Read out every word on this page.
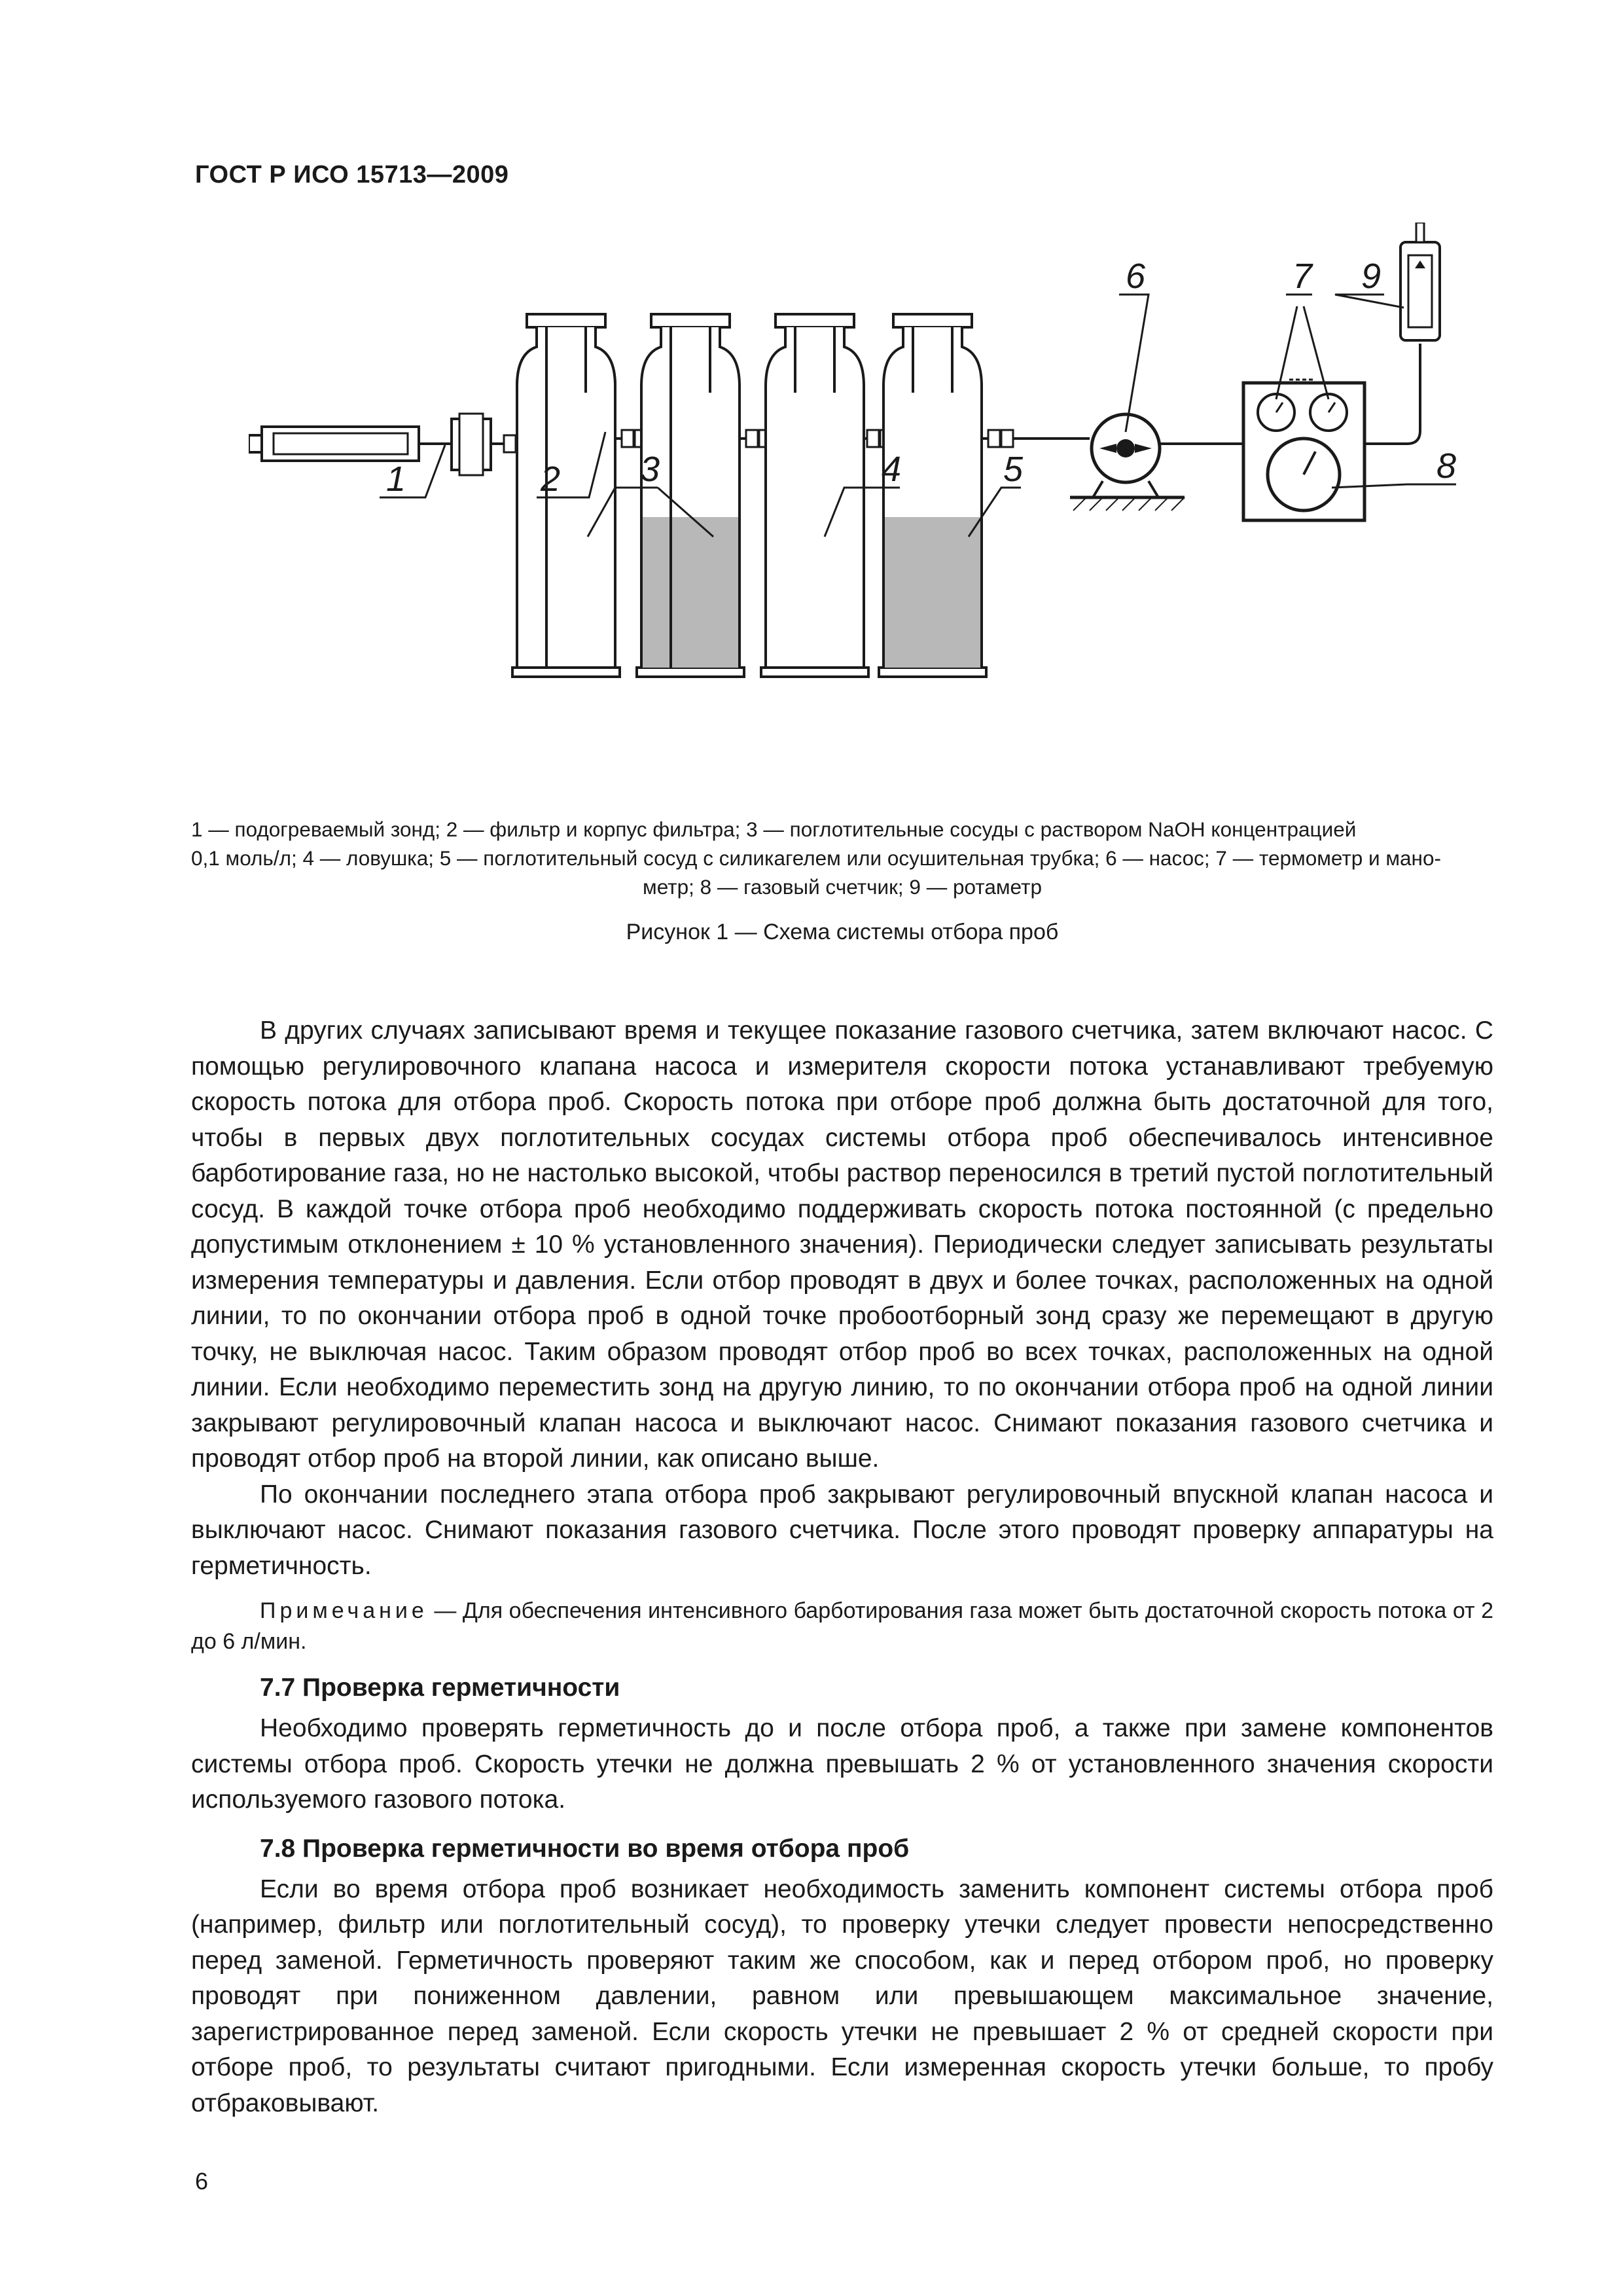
ГОСТ Р ИСО 15713—2009
1	2 3	4	5
6	7
8
9
1 — подогреваемый зонд; 2 — фильтр и корпус фильтра; 3 — поглотительные сосуды с раствором NaOH концентрацией
0,1 моль/л; 4 — ловушка; 5 — поглотительный сосуд с силикагелем или осушительная трубка; 6 — насос; 7 — термометр и мано-
метр; 8 — газовый счетчик; 9 — ротаметр
Рисунок 1 — Схема системы отбора проб

В других случаях записывают время и текущее показание газового счетчика, затем включают насос. С помощью регулировочного клапана насоса и измерителя скорости потока устанавливают требуемую скорость потока для отбора проб. Скорость потока при отборе проб должна быть достаточной для того, чтобы в первых двух поглотительных сосудах системы отбора проб обеспечивалось интенсивное барботирование газа, но не настолько высокой, чтобы раствор переносился в третий пустой поглотительный сосуд. В каждой точке отбора проб необходимо поддерживать скорость потока постоянной (с предельно допустимым отклонением ± 10 % установленного значения). Периодически следует записывать результаты измерения температуры и давления. Если отбор проводят в двух и более точках, расположенных на одной линии, то по окончании отбора проб в одной точке пробоотборный зонд сразу же перемещают в другую точку, не выключая насос. Таким образом проводят отбор проб во всех точках, расположенных на одной линии. Если необходимо переместить зонд на другую линию, то по окончании отбора проб на одной линии закрывают регулировочный клапан насоса и выключают насос. Снимают показания газового счетчика и проводят отбор проб на второй линии, как описано выше.

По окончании последнего этапа отбора проб закрывают регулировочный впускной клапан насоса и выключают насос. Снимают показания газового счетчика. После этого проводят проверку аппаратуры на герметичность.

Примечание — Для обеспечения интенсивного барботирования газа может быть достаточной скорость потока от 2 до 6 л/мин.

7.7 Проверка герметичности

Необходимо проверять герметичность до и после отбора проб, а также при замене компонентов системы отбора проб. Скорость утечки не должна превышать 2 % от установленного значения скорости используемого газового потока.

7.8 Проверка герметичности во время отбора проб

Если во время отбора проб возникает необходимость заменить компонент системы отбора проб (например, фильтр или поглотительный сосуд), то проверку утечки следует провести непосредственно перед заменой. Герметичность проверяют таким же способом, как и перед отбором проб, но проверку проводят при пониженном давлении, равном или превышающем максимальное значение, зарегистрированное перед заменой. Если скорость утечки не превышает 2 % от средней скорости при отборе проб, то результаты считают пригодными. Если измеренная скорость утечки больше, то пробу отбраковывают.

6
